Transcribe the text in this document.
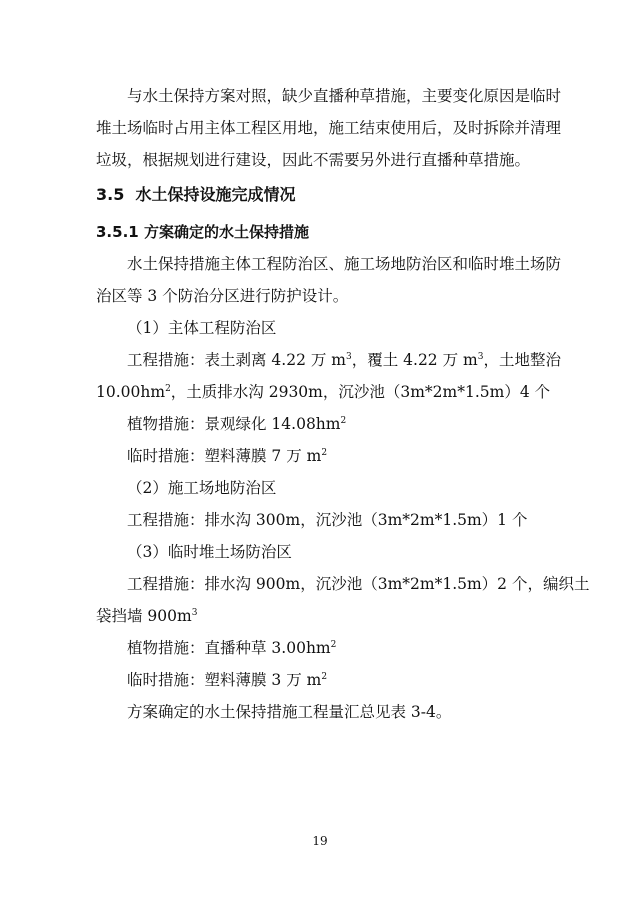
与水土保持方案对照，缺少直播种草措施，主要变化原因是临时
堆土场临时占用主体工程区用地，施工结束使用后，及时拆除并清理
垃圾，根据规划进行建设，因此不需要另外进行直播种草措施。
3.5 水土保持设施完成情况
3.5.1 方案确定的水土保持措施
水土保持措施主体工程防治区、施工场地防治区和临时堆土场防
治区等 3 个防治分区进行防护设计。
（1）主体工程防治区
工程措施：表土剥离 4.22 万 $m^3$，覆土 4.22 万 $m^3$，土地整治
$10.00hm^2$，土质排水沟 2930m，沉沙池（3m*2m*1.5m）4 个
植物措施：景观绿化 $14.08hm^2$
临时措施：塑料薄膜 7 万 $m^2$
（2）施工场地防治区
工程措施：排水沟 300m，沉沙池（3m*2m*1.5m）1 个
（3）临时堆土场防治区
工程措施：排水沟 900m，沉沙池（3m*2m*1.5m）2 个，编织土
袋挡墙 $900m^3$
植物措施：直播种草 $3.00hm^2$
临时措施：塑料薄膜 3 万 $m^2$
方案确定的水土保持措施工程量汇总见表 3-4。
19
